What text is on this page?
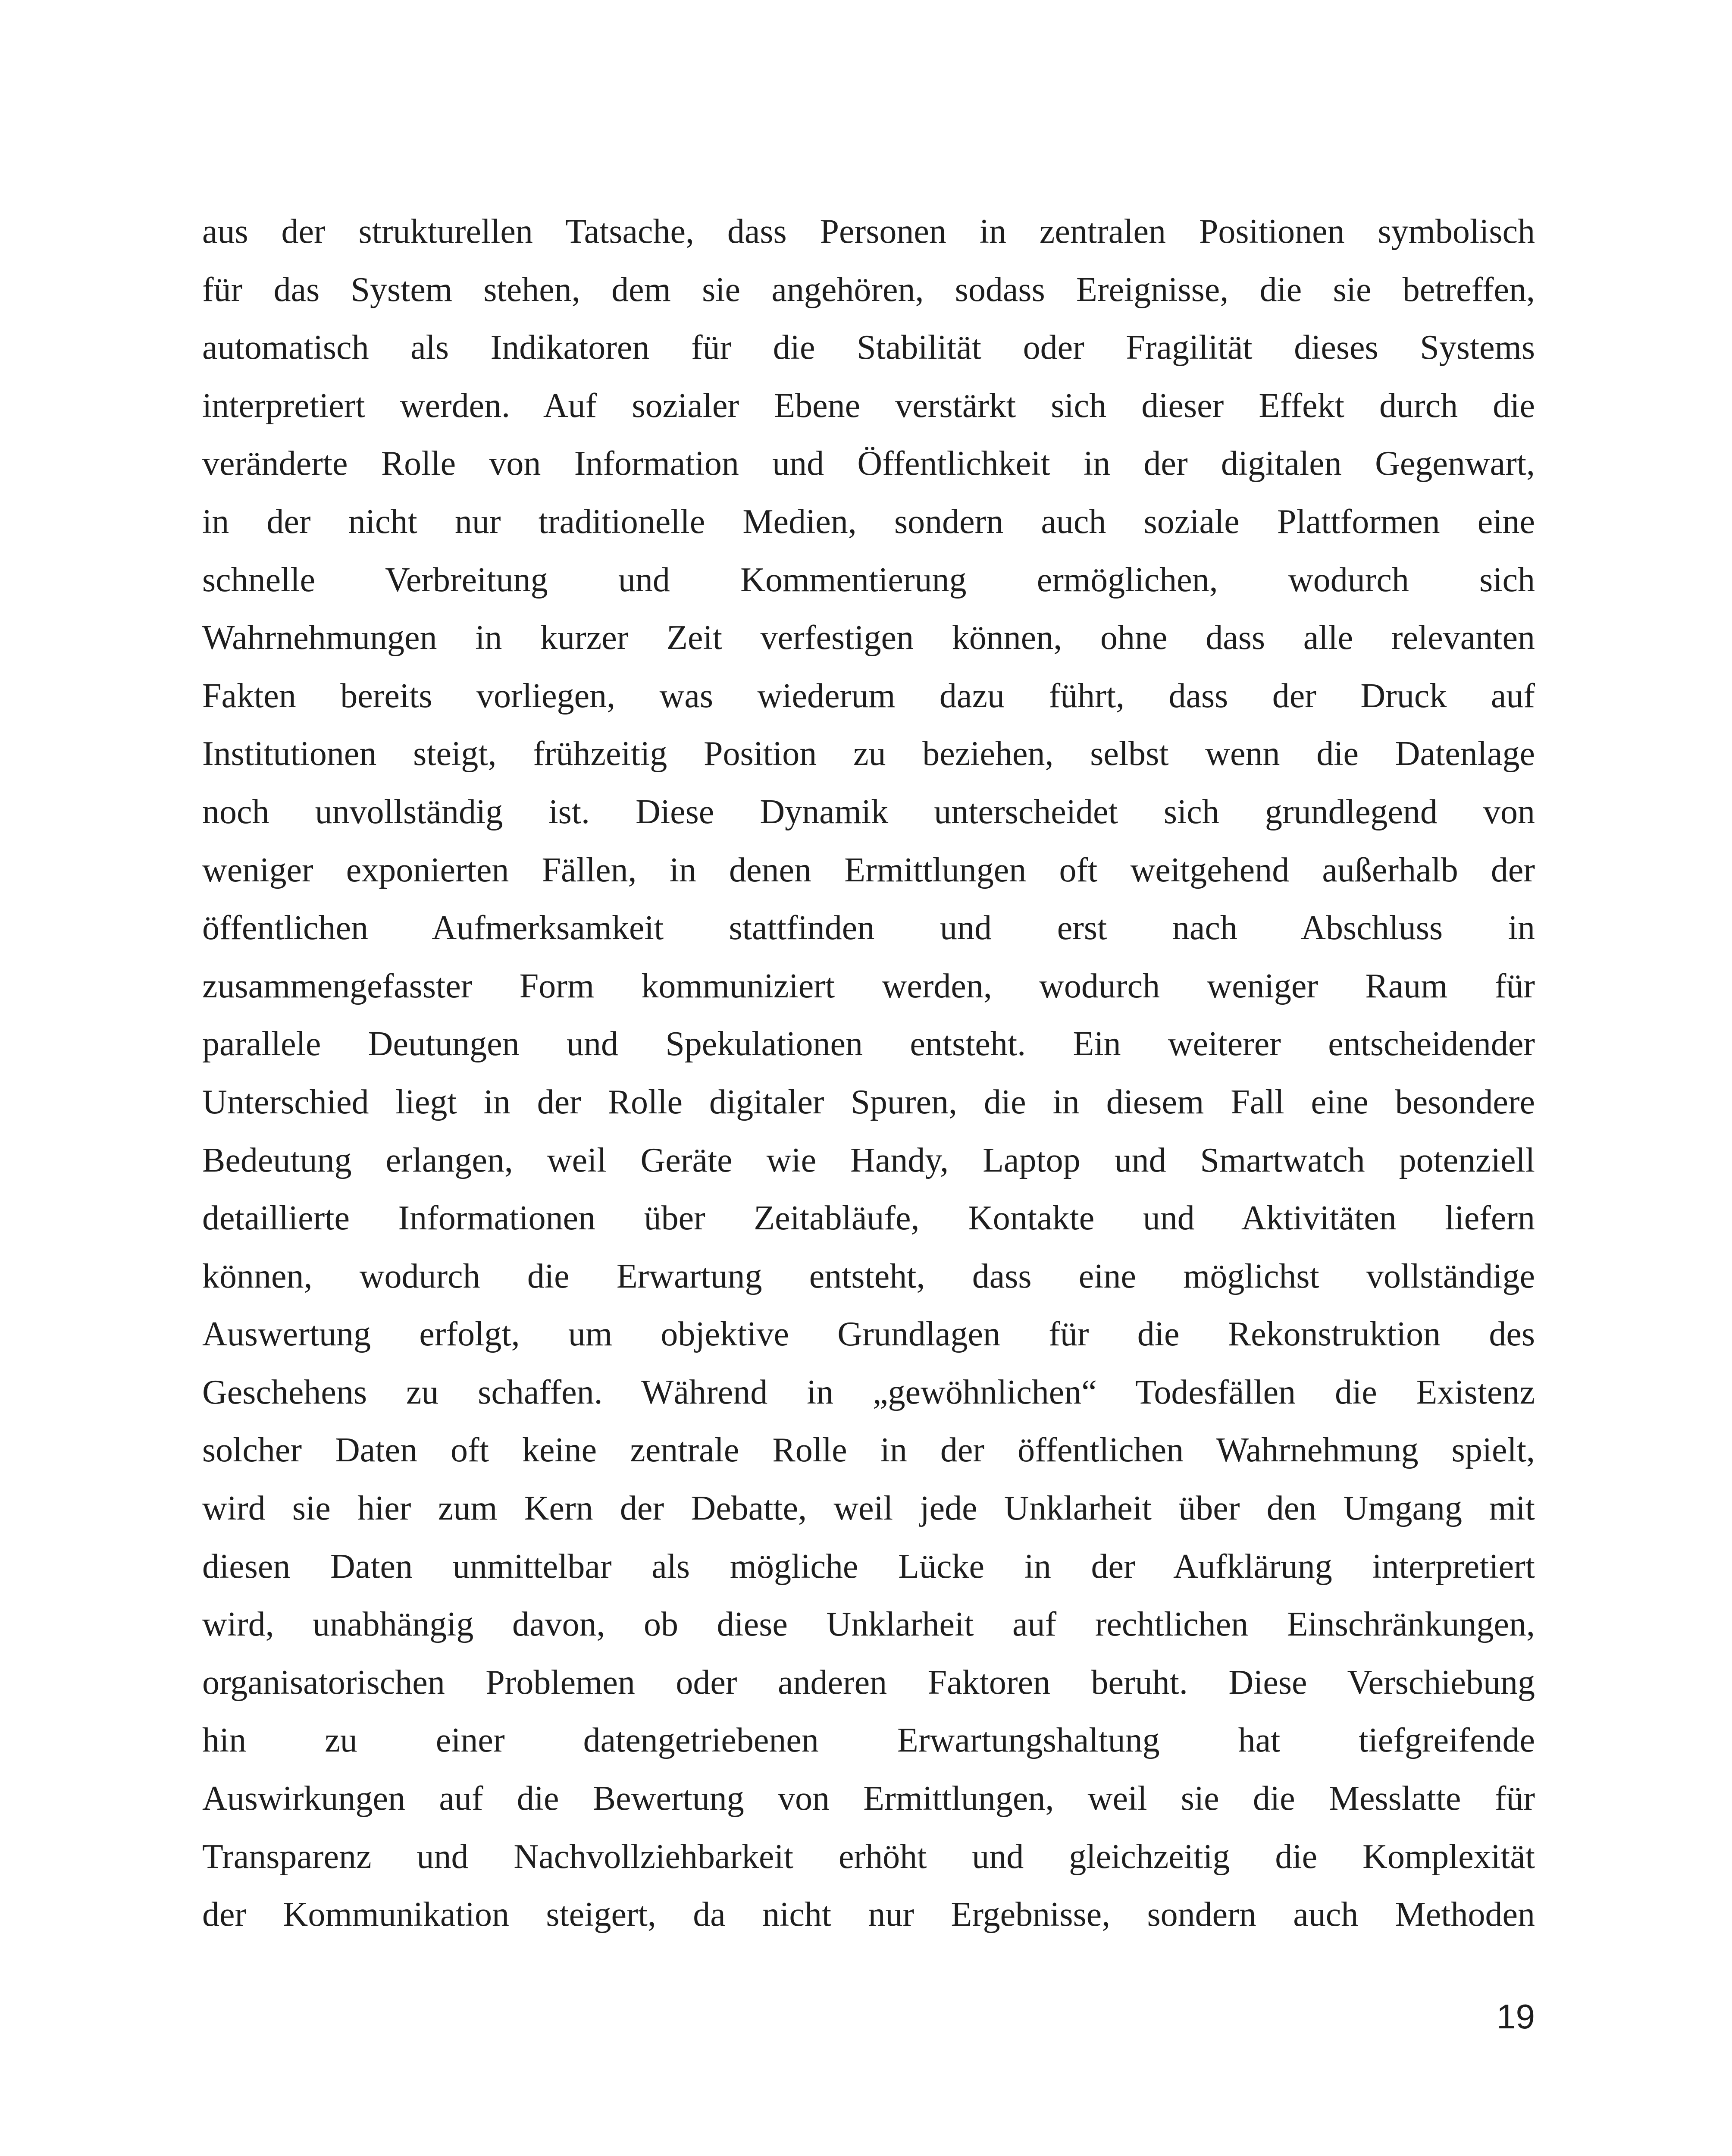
aus der strukturellen Tatsache, dass Personen in zentralen Positionen symbolisch
für das System stehen, dem sie angehören, sodass Ereignisse, die sie betreffen,
automatisch als Indikatoren für die Stabilität oder Fragilität dieses Systems
interpretiert werden. Auf sozialer Ebene verstärkt sich dieser Effekt durch die
veränderte Rolle von Information und Öffentlichkeit in der digitalen Gegenwart,
in der nicht nur traditionelle Medien, sondern auch soziale Plattformen eine
schnelle Verbreitung und Kommentierung ermöglichen, wodurch sich
Wahrnehmungen in kurzer Zeit verfestigen können, ohne dass alle relevanten
Fakten bereits vorliegen, was wiederum dazu führt, dass der Druck auf
Institutionen steigt, frühzeitig Position zu beziehen, selbst wenn die Datenlage
noch unvollständig ist. Diese Dynamik unterscheidet sich grundlegend von
weniger exponierten Fällen, in denen Ermittlungen oft weitgehend außerhalb der
öffentlichen Aufmerksamkeit stattfinden und erst nach Abschluss in
zusammengefasster Form kommuniziert werden, wodurch weniger Raum für
parallele Deutungen und Spekulationen entsteht. Ein weiterer entscheidender
Unterschied liegt in der Rolle digitaler Spuren, die in diesem Fall eine besondere
Bedeutung erlangen, weil Geräte wie Handy, Laptop und Smartwatch potenziell
detaillierte Informationen über Zeitabläufe, Kontakte und Aktivitäten liefern
können, wodurch die Erwartung entsteht, dass eine möglichst vollständige
Auswertung erfolgt, um objektive Grundlagen für die Rekonstruktion des
Geschehens zu schaffen. Während in „gewöhnlichen“ Todesfällen die Existenz
solcher Daten oft keine zentrale Rolle in der öffentlichen Wahrnehmung spielt,
wird sie hier zum Kern der Debatte, weil jede Unklarheit über den Umgang mit
diesen Daten unmittelbar als mögliche Lücke in der Aufklärung interpretiert
wird, unabhängig davon, ob diese Unklarheit auf rechtlichen Einschränkungen,
organisatorischen Problemen oder anderen Faktoren beruht. Diese Verschiebung
hin zu einer datengetriebenen Erwartungshaltung hat tiefgreifende
Auswirkungen auf die Bewertung von Ermittlungen, weil sie die Messlatte für
Transparenz und Nachvollziehbarkeit erhöht und gleichzeitig die Komplexität
der Kommunikation steigert, da nicht nur Ergebnisse, sondern auch Methoden
19
